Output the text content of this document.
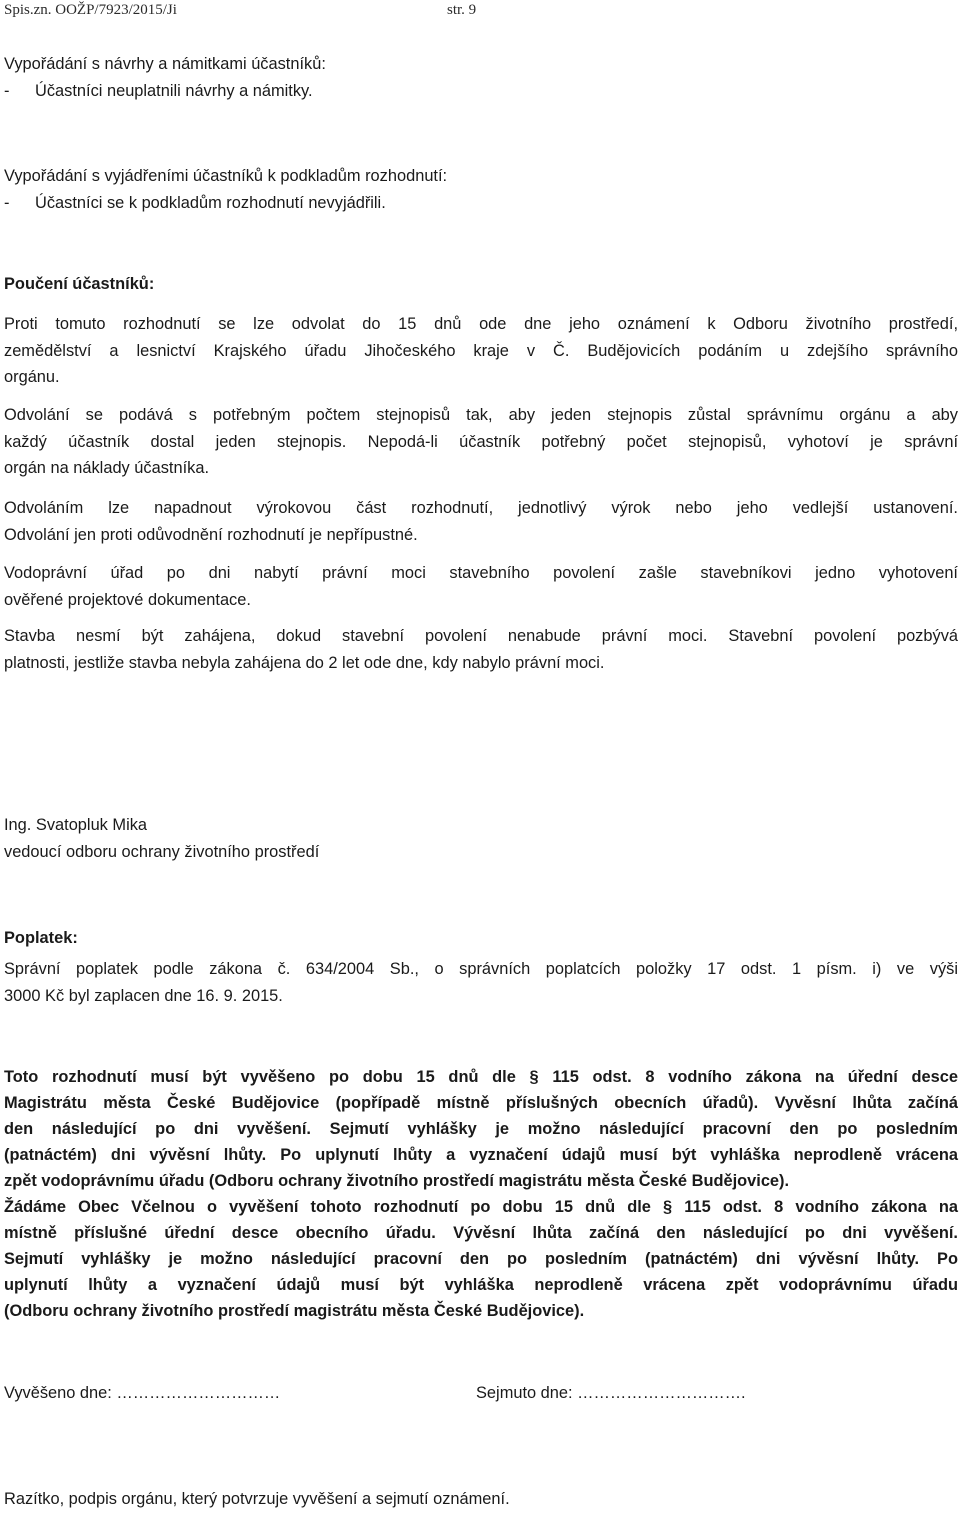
Spis.zn. OOŽP/7923/2015/Ji	str. 9
Vypořádání s návrhy a námitkami účastníků:
- Účastníci neuplatnili návrhy a námitky.
Vypořádání s vyjádřeními účastníků k podkladům rozhodnutí:
- Účastníci se k podkladům rozhodnutí nevyjádřili.
Poučení účastníků:
Proti tomuto rozhodnutí se lze odvolat do 15 dnů ode dne jeho oznámení k Odboru životního prostředí,
zemědělství a lesnictví Krajského úřadu Jihočeského kraje v Č. Budějovicích podáním u zdejšího správního
orgánu.
Odvolání se podává s potřebným počtem stejnopisů tak, aby jeden stejnopis zůstal správnímu orgánu a aby
každý účastník dostal jeden stejnopis. Nepodá-li účastník potřebný počet stejnopisů, vyhotoví je správní
orgán na náklady účastníka.
Odvoláním lze napadnout výrokovou část rozhodnutí, jednotlivý výrok nebo jeho vedlejší ustanovení.
Odvolání jen proti odůvodnění rozhodnutí je nepřípustné.
Vodoprávní úřad po dni nabytí právní moci stavebního povolení zašle stavebníkovi jedno vyhotovení
ověřené projektové dokumentace.
Stavba nesmí být zahájena, dokud stavební povolení nenabude právní moci. Stavební povolení pozbývá
platnosti, jestliže stavba nebyla zahájena do 2 let ode dne, kdy nabylo právní moci.
Ing. Svatopluk Mika
vedoucí odboru ochrany životního prostředí
Poplatek:
Správní poplatek podle zákona č. 634/2004 Sb., o správních poplatcích položky 17 odst. 1 písm. i) ve výši
3000 Kč byl zaplacen dne 16. 9. 2015.
Toto rozhodnutí musí být vyvěšeno po dobu 15 dnů dle § 115 odst. 8 vodního zákona na úřední desce
Magistrátu města České Budějovice (popřípadě místně příslušných obecních úřadů). Vyvěsní lhůta začíná
den následující po dni vyvěšení. Sejmutí vyhlášky je možno následující pracovní den po posledním
(patnáctém) dni vývěsní lhůty. Po uplynutí lhůty a vyznačení údajů musí být vyhláška neprodleně vrácena
zpět vodoprávnímu úřadu (Odboru ochrany životního prostředí magistrátu města České Budějovice).
Žádáme Obec Včelnou o vyvěšení tohoto rozhodnutí po dobu 15 dnů dle § 115 odst. 8 vodního zákona na
místně příslušné úřední desce obecního úřadu. Vývěsní lhůta začíná den následující po dni vyvěšení.
Sejmutí vyhlášky je možno následující pracovní den po posledním (patnáctém) dni vývěsní lhůty. Po
uplynutí lhůty a vyznačení údajů musí být vyhláška neprodleně vrácena zpět vodoprávnímu úřadu
(Odboru ochrany životního prostředí magistrátu města České Budějovice).
Vyvěšeno dne: …………………………	Sejmuto dne: ………………………….
Razítko, podpis orgánu, který potvrzuje vyvěšení a sejmutí oznámení.
